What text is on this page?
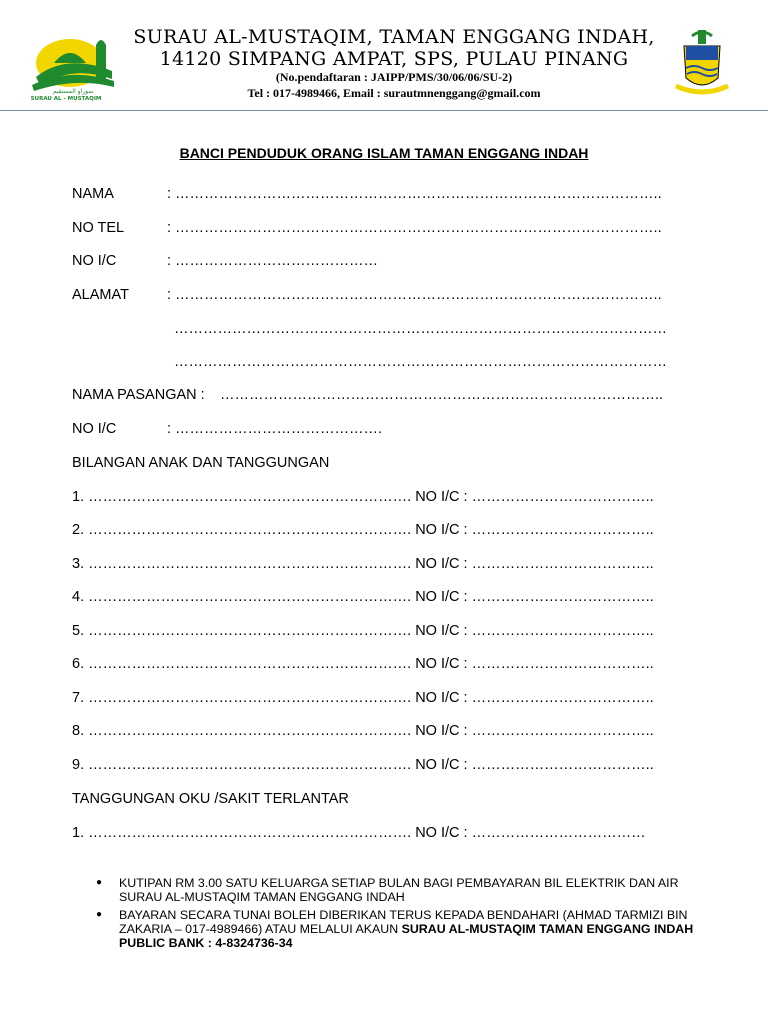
سوراو المستقيم
SURAU AL - MUSTAQIM
SURAU AL-MUSTAQIM, TAMAN ENGGANG INDAH,
14120 SIMPANG AMPAT, SPS, PULAU PINANG
(No.pendaftaran : JAIPP/PMS/30/06/06/SU-2)
Tel : 017-4989466, Email : surautmnenggang@gmail.com
BANCI PENDUDUK ORANG ISLAM TAMAN ENGGANG INDAH
NAMA	: ………………………………………………………………………………………..
NO TEL	: ………………………………………………………………………………………..
NO I/C	: ……………………………………
ALAMAT	: ………………………………………………………………………………………..
…………………………………………………………………………………………
…………………………………………………………………………………………
NAMA PASANGAN : ………………………………………………………………………………..
NO I/C	: …………………………………….
BILANGAN ANAK DAN TANGGUNGAN
1. …………………………………………………………. NO I/C : ………………………………..
2. …………………………………………………………. NO I/C : ………………………………..
3. …………………………………………………………. NO I/C : ………………………………..
4. …………………………………………………………. NO I/C : ………………………………..
5. …………………………………………………………. NO I/C : ………………………………..
6. …………………………………………………………. NO I/C : ………………………………..
7. …………………………………………………………. NO I/C : ………………………………..
8. …………………………………………………………. NO I/C : ………………………………..
9. …………………………………………………………. NO I/C : ………………………………..
TANGGUNGAN OKU /SAKIT TERLANTAR
1. …………………………………………………………. NO I/C : ………………………………
● KUTIPAN RM 3.00 SATU KELUARGA SETIAP BULAN BAGI PEMBAYARAN BIL ELEKTRIK DAN AIR SURAU AL-MUSTAQIM TAMAN ENGGANG INDAH
● BAYARAN SECARA TUNAI BOLEH DIBERIKAN TERUS KEPADA BENDAHARI (AHMAD TARMIZI BIN ZAKARIA – 017-4989466) ATAU MELALUI AKAUN SURAU AL-MUSTAQIM TAMAN ENGGANG INDAH PUBLIC BANK : 4-8324736-34
